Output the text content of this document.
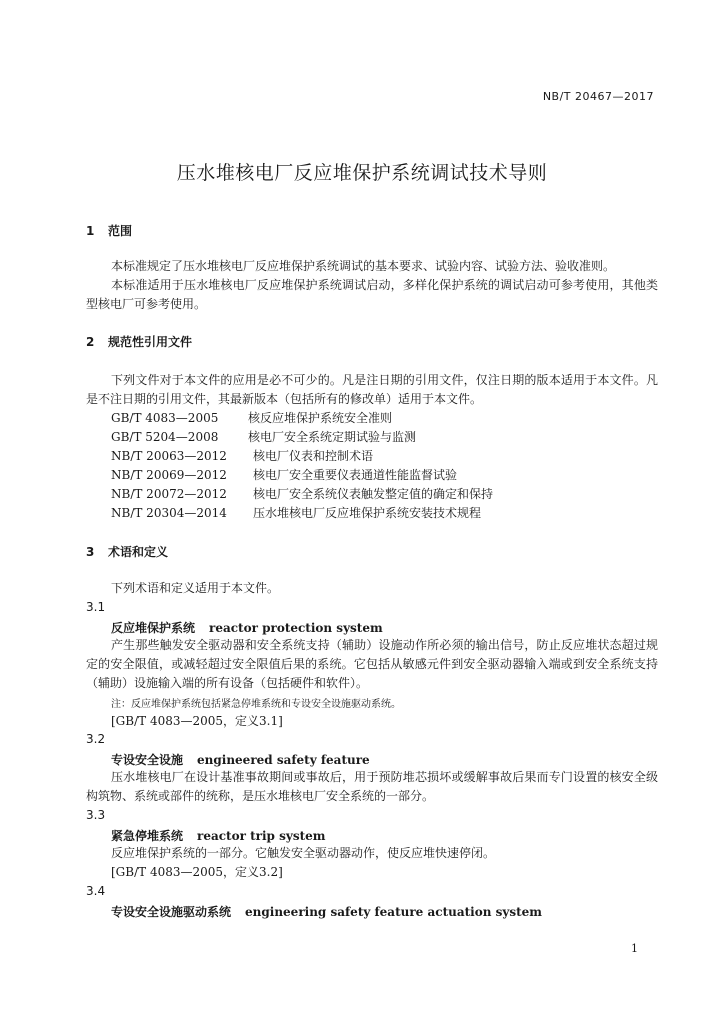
NB/T 20467—2017
压水堆核电厂反应堆保护系统调试技术导则
1 范围
本标准规定了压水堆核电厂反应堆保护系统调试的基本要求、试验内容、试验方法、验收准则。
本标准适用于压水堆核电厂反应堆保护系统调试启动，多样化保护系统的调试启动可参考使用，其他类型核电厂可参考使用。
2 规范性引用文件
下列文件对于本文件的应用是必不可少的。凡是注日期的引用文件，仅注日期的版本适用于本文件。凡是不注日期的引用文件，其最新版本（包括所有的修改单）适用于本文件。
GB/T 4083—2005 核反应堆保护系统安全准则
GB/T 5204—2008 核电厂安全系统定期试验与监测
NB/T 20063—2012 核电厂仪表和控制术语
NB/T 20069—2012 核电厂安全重要仪表通道性能监督试验
NB/T 20072—2012 核电厂安全系统仪表触发整定值的确定和保持
NB/T 20304—2014 压水堆核电厂反应堆保护系统安装技术规程
3 术语和定义
下列术语和定义适用于本文件。
3.1
反应堆保护系统 reactor protection system
产生那些触发安全驱动器和安全系统支持（辅助）设施动作所必须的输出信号，防止反应堆状态超过规定的安全限值，或减轻超过安全限值后果的系统。它包括从敏感元件到安全驱动器输入端或到安全系统支持（辅助）设施输入端的所有设备（包括硬件和软件）。
注：反应堆保护系统包括紧急停堆系统和专设安全设施驱动系统。
[GB/T 4083—2005，定义3.1]
3.2
专设安全设施 engineered safety feature
压水堆核电厂在设计基准事故期间或事故后，用于预防堆芯损坏或缓解事故后果而专门设置的核安全级构筑物、系统或部件的统称，是压水堆核电厂安全系统的一部分。
3.3
紧急停堆系统 reactor trip system
反应堆保护系统的一部分。它触发安全驱动器动作，使反应堆快速停闭。
[GB/T 4083—2005，定义3.2]
3.4
专设安全设施驱动系统 engineering safety feature actuation system
1
